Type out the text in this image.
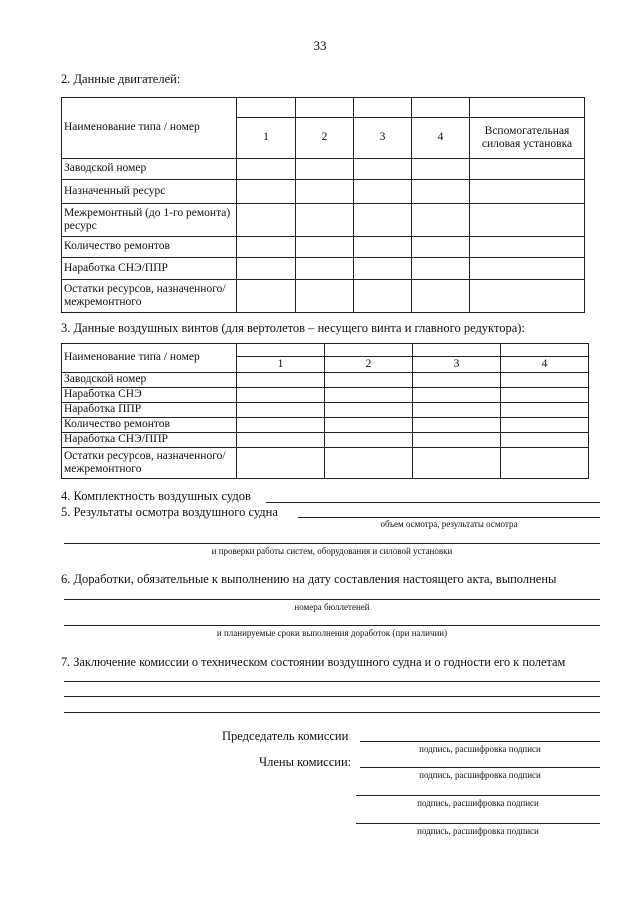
33
2. Данные двигателей:
Наименование типа / номер					
	1	2	3	4	Вспомогательная силовая установка
Заводской номер					
Назначенный ресурс					
Межремонтный (до 1-го ремонта) ресурс					
Количество ремонтов					
Наработка СНЭ/ППР					
Остатки ресурсов, назначенного/межремонтного					
3. Данные воздушных винтов (для вертолетов – несущего винта и главного редуктора):
Наименование типа / номер				
	1	2	3	4
Заводской номер				
Наработка СНЭ				
Наработка ППР				
Количество ремонтов				
Наработка СНЭ/ППР				
Остатки ресурсов, назначенного/межремонтного				
4. Комплектность воздушных судов
5. Результаты осмотра воздушного судна
объем осмотра, результаты осмотра
и проверки работы систем, оборудования и силовой установки
6. Доработки, обязательные к выполнению на дату составления настоящего акта, выполнены
номера бюллетеней
и планируемые сроки выполнения доработок (при наличии)
7. Заключение комиссии о техническом состоянии воздушного судна и о годности его к полетам
Председатель комиссии
подпись, расшифровка подписи
Члены комиссии:
подпись, расшифровка подписи
подпись, расшифровка подписи
подпись, расшифровка подписи
